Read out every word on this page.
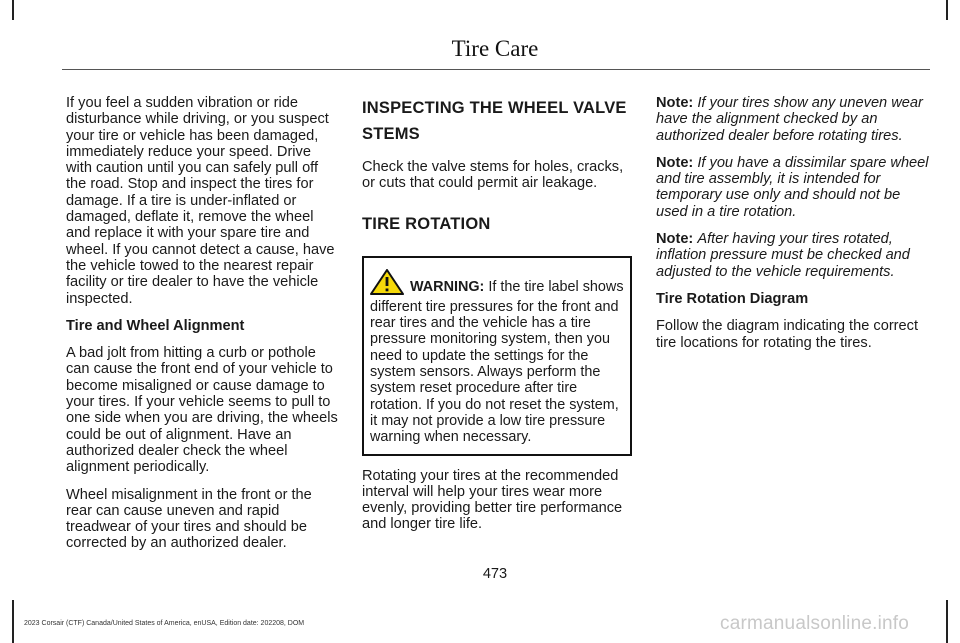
Tire Care

If you feel a sudden vibration or ride disturbance while driving, or you suspect your tire or vehicle has been damaged, immediately reduce your speed. Drive with caution until you can safely pull off the road. Stop and inspect the tires for damage. If a tire is under-inflated or damaged, deflate it, remove the wheel and replace it with your spare tire and wheel. If you cannot detect a cause, have the vehicle towed to the nearest repair facility or tire dealer to have the vehicle inspected.

Tire and Wheel Alignment

A bad jolt from hitting a curb or pothole can cause the front end of your vehicle to become misaligned or cause damage to your tires. If your vehicle seems to pull to one side when you are driving, the wheels could be out of alignment. Have an authorized dealer check the wheel alignment periodically.

Wheel misalignment in the front or the rear can cause uneven and rapid treadwear of your tires and should be corrected by an authorized dealer.

INSPECTING THE WHEEL VALVE STEMS

Check the valve stems for holes, cracks, or cuts that could permit air leakage.

TIRE ROTATION
WARNING: If the tire label shows different tire pressures for the front and rear tires and the vehicle has a tire pressure monitoring system, then you need to update the settings for the system sensors. Always perform the system reset procedure after tire rotation. If you do not reset the system, it may not provide a low tire pressure warning when necessary.

Rotating your tires at the recommended interval will help your tires wear more evenly, providing better tire performance and longer tire life.

Note: If your tires show any uneven wear have the alignment checked by an authorized dealer before rotating tires.

Note: If you have a dissimilar spare wheel and tire assembly, it is intended for temporary use only and should not be used in a tire rotation.

Note: After having your tires rotated, inflation pressure must be checked and adjusted to the vehicle requirements.

Tire Rotation Diagram

Follow the diagram indicating the correct tire locations for rotating the tires.

473
2023 Corsair (CTF) Canada/United States of America, enUSA, Edition date: 202208, DOM	carmanualsonline.info
